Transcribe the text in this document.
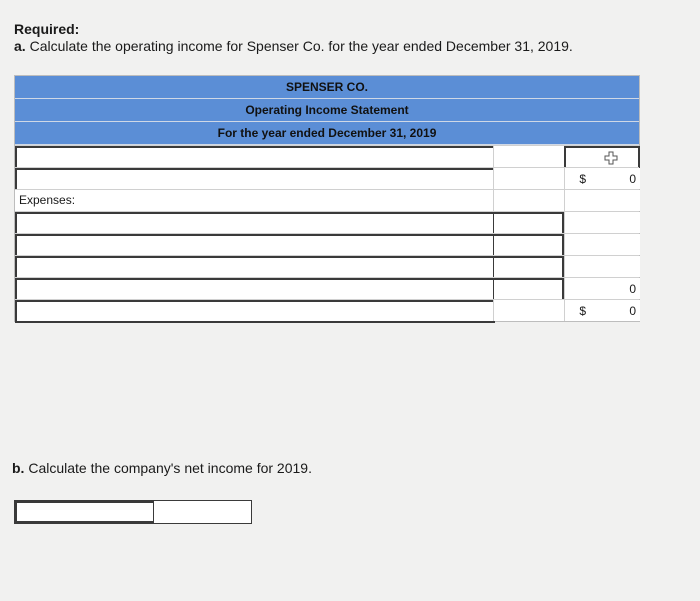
Required:
a. Calculate the operating income for Spenser Co. for the year ended December 31, 2019.
SPENSER CO.
Operating Income Statement
For the year ended December 31, 2019
$	0
Expenses:
0
$	0
b. Calculate the company's net income for 2019.
